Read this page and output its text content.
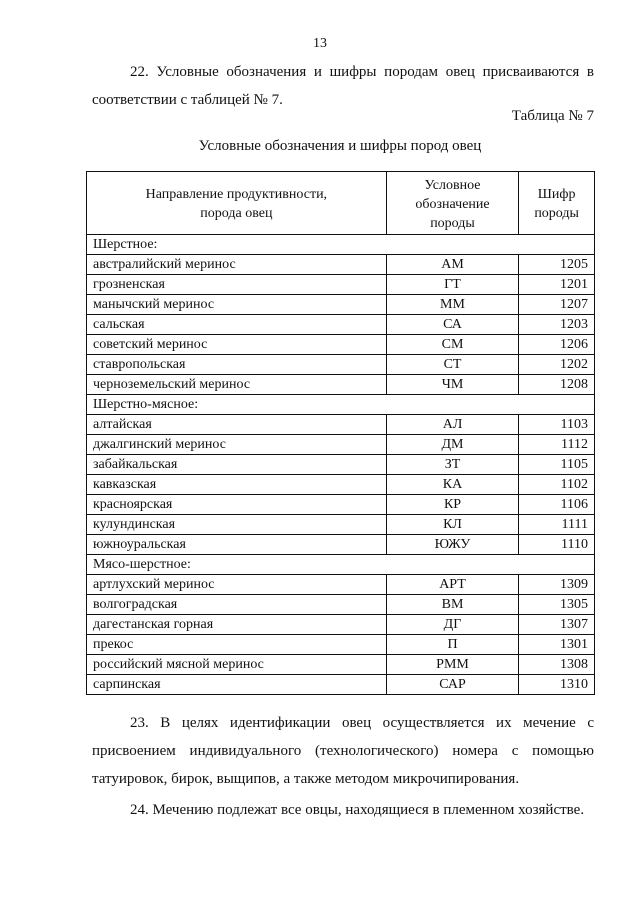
13
22. Условные обозначения и шифры породам овец присваиваются в соответствии с таблицей № 7.
Таблица № 7
Условные обозначения и шифры пород овец
Направление продуктивности,
порода овец	Условное
обозначение
породы	Шифр
породы

Шерстное:		
австралийский меринос	АМ	1205
грозненская	ГТ	1201
манычский меринос	ММ	1207
сальская	СА	1203
советский меринос	СМ	1206
ставропольская	СТ	1202
черноземельский меринос	ЧМ	1208
Шерстно-мясное:		
алтайская	АЛ	1103
джалгинский меринос	ДМ	1112
забайкальская	ЗТ	1105
кавказская	КА	1102
красноярская	КР	1106
кулундинская	КЛ	1111
южноуральская	ЮЖУ	1110
Мясо-шерстное:		
артлухский меринос	АРТ	1309
волгоградская	ВМ	1305
дагестанская горная	ДГ	1307
прекос	П	1301
российский мясной меринос	РММ	1308
сарпинская	САР	1310
23. В целях идентификации овец осуществляется их мечение с присвоением индивидуального (технологического) номера с помощью татуировок, бирок, выщипов, а также методом микрочипирования.
24. Мечению подлежат все овцы, находящиеся в племенном хозяйстве.
